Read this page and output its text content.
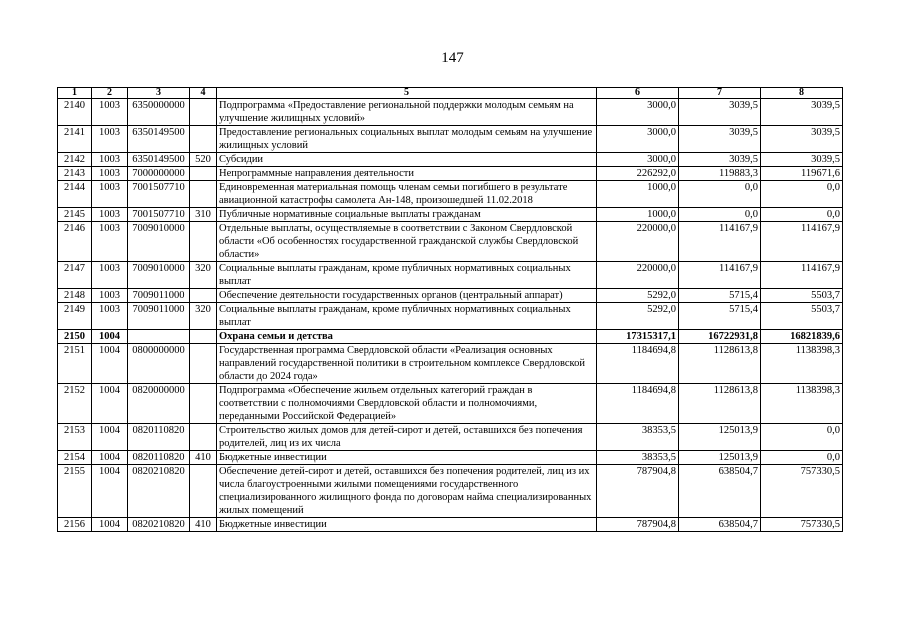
147
1	2	3	4	5	6	7	8
2140	1003	6350000000		Подпрограмма «Предоставление региональной поддержки молодым семьям на улучшение жилищных условий»	3000,0	3039,5	3039,5
2141	1003	6350149500		Предоставление региональных социальных выплат молодым семьям на улучшение жилищных условий	3000,0	3039,5	3039,5
2142	1003	6350149500	520	Субсидии	3000,0	3039,5	3039,5
2143	1003	7000000000		Непрограммные направления деятельности	226292,0	119883,3	119671,6
2144	1003	7001507710		Единовременная материальная помощь членам семьи погибшего в результате авиационной катастрофы самолета Ан-148, произошедшей 11.02.2018	1000,0	0,0	0,0
2145	1003	7001507710	310	Публичные нормативные социальные выплаты гражданам	1000,0	0,0	0,0
2146	1003	7009010000		Отдельные выплаты, осуществляемые в соответствии с Законом Свердловской области «Об особенностях государственной гражданской службы Свердловской области»	220000,0	114167,9	114167,9
2147	1003	7009010000	320	Социальные выплаты гражданам, кроме публичных нормативных социальных выплат	220000,0	114167,9	114167,9
2148	1003	7009011000		Обеспечение деятельности государственных органов (центральный аппарат)	5292,0	5715,4	5503,7
2149	1003	7009011000	320	Социальные выплаты гражданам, кроме публичных нормативных социальных выплат	5292,0	5715,4	5503,7
2150	1004			Охрана семьи и детства	17315317,1	16722931,8	16821839,6
2151	1004	0800000000		Государственная программа Свердловской области «Реализация основных направлений государственной политики в строительном комплексе Свердловской области до 2024 года»	1184694,8	1128613,8	1138398,3
2152	1004	0820000000		Подпрограмма «Обеспечение жильем отдельных категорий граждан в соответствии с полномочиями Свердловской области и полномочиями, переданными Российской Федерацией»	1184694,8	1128613,8	1138398,3
2153	1004	0820110820		Строительство жилых домов для детей-сирот и детей, оставшихся без попечения родителей, лиц из их числа	38353,5	125013,9	0,0
2154	1004	0820110820	410	Бюджетные инвестиции	38353,5	125013,9	0,0
2155	1004	0820210820		Обеспечение детей-сирот и детей, оставшихся без попечения родителей, лиц из их числа благоустроенными жилыми помещениями государственного специализированного жилищного фонда по договорам найма специализированных жилых помещений	787904,8	638504,7	757330,5
2156	1004	0820210820	410	Бюджетные инвестиции	787904,8	638504,7	757330,5
